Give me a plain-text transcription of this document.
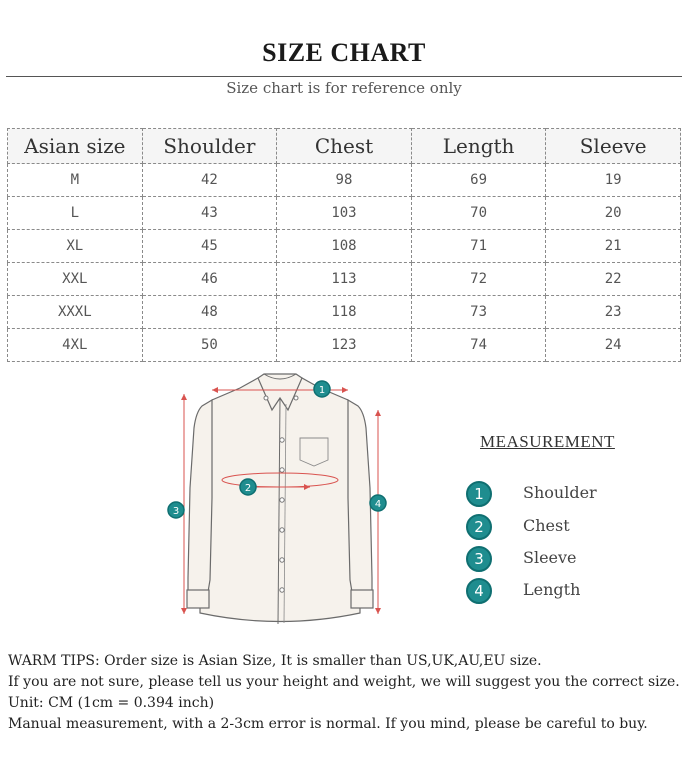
SIZE CHART
Size chart is for reference only
Asian size	Shoulder	Chest	Length	Sleeve
M	42	98	69	19
L	43	103	70	20
XL	45	108	71	21
XXL	46	113	72	22
XXXL	48	118	73	23
4XL	50	123	74	24
1
2
3
4
MEASUREMENT
1	Shoulder
2	Chest
3	Sleeve
4	Length

WARM TIPS: Order size is Asian Size, It is smaller than US,UK,AU,EU size.

If you are not sure, please tell us your height and weight, we will suggest you the correct size.

Unit: CM (1cm = 0.394 inch)

Manual measurement, with a 2-3cm error is normal. If you mind, please be careful to buy.
